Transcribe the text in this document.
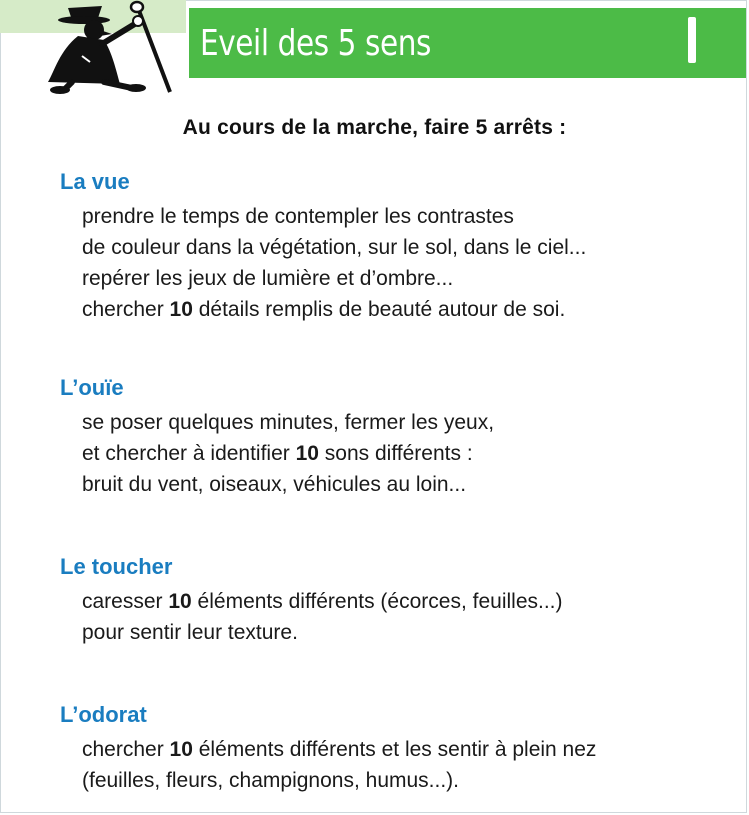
Eveil des 5 sens
Au cours de la marche, faire 5 arrêts :
La vue
prendre le temps de contempler les contrastes
de couleur dans la végétation, sur le sol, dans le ciel...
repérer les jeux de lumière et d’ombre...
chercher 10 détails remplis de beauté autour de soi.
L’ouïe
se poser quelques minutes, fermer les yeux,
et chercher à identifier 10 sons différents :
bruit du vent, oiseaux, véhicules au loin...
Le toucher
caresser 10 éléments différents (écorces, feuilles...)
pour sentir leur texture.
L’odorat
chercher 10 éléments différents et les sentir à plein nez
(feuilles, fleurs, champignons, humus...).
